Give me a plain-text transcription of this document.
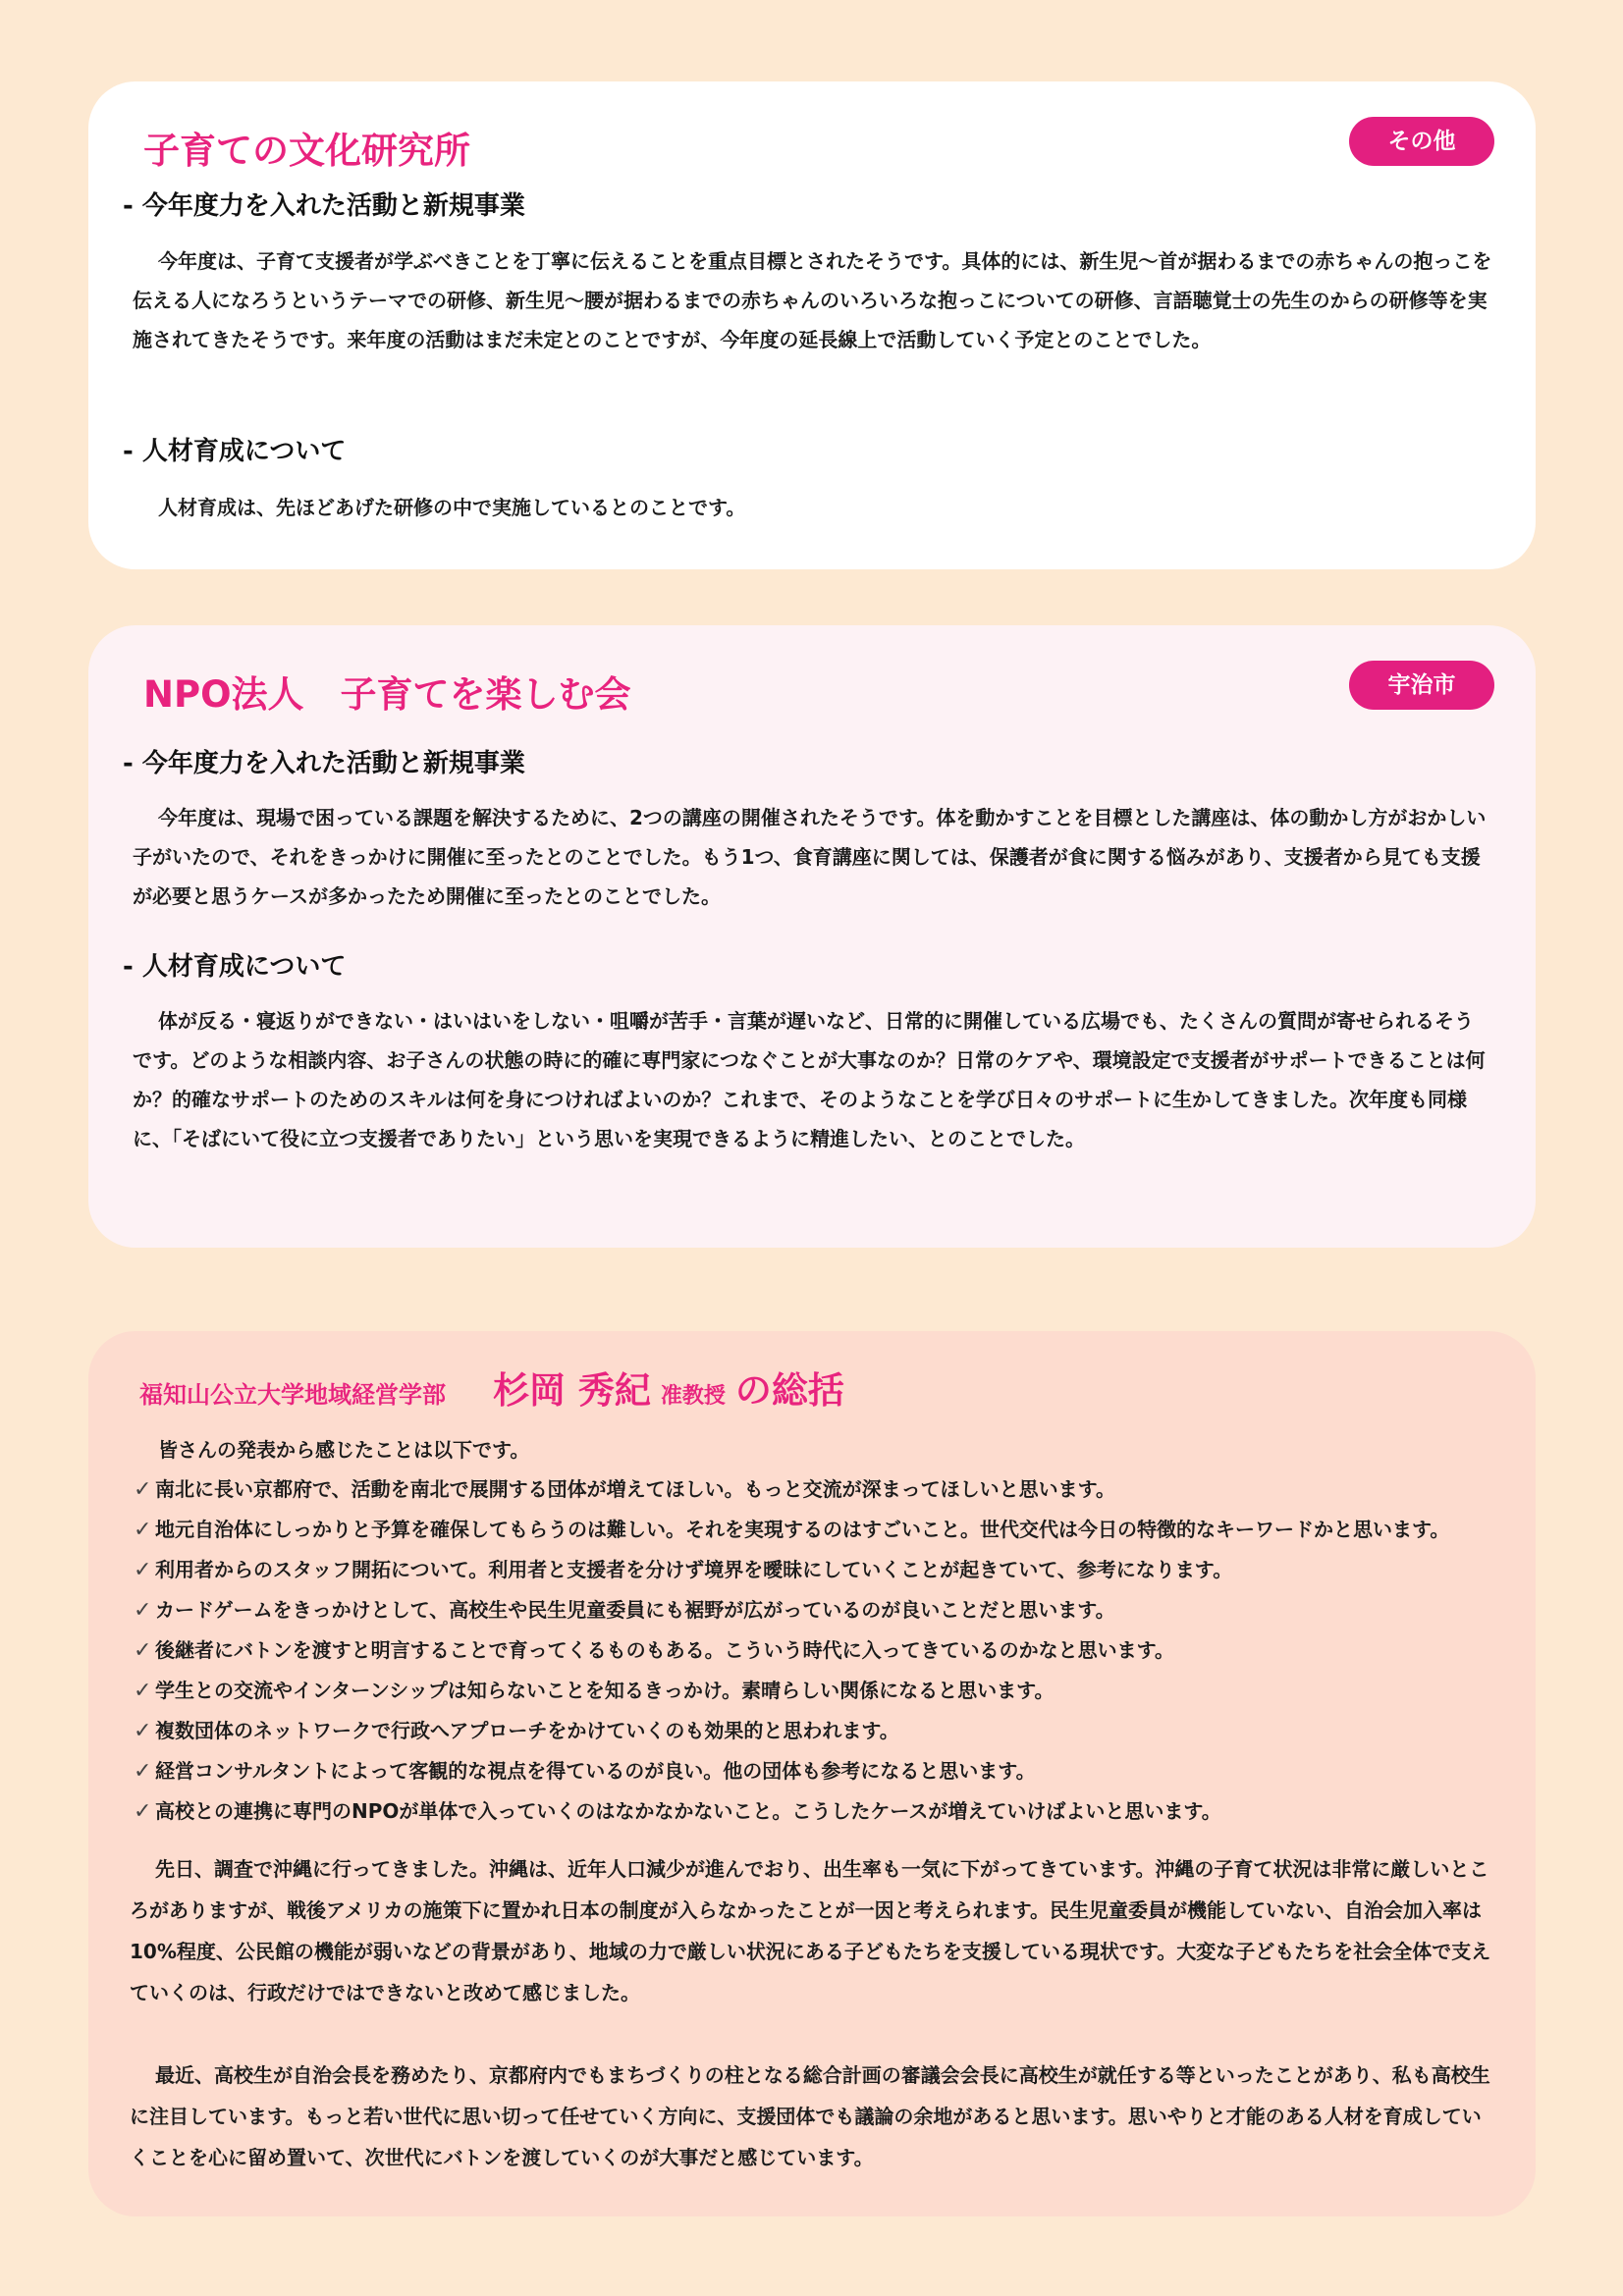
子育ての文化研究所	その他
- 今年度力を入れた活動と新規事業

今年度は、子育て支援者が学ぶべきことを丁寧に伝えることを重点目標とされたそうです。具体的には、新生児〜首が据わるまでの赤ちゃんの抱っこを伝える人になろうというテーマでの研修、新生児〜腰が据わるまでの赤ちゃんのいろいろな抱っこについての研修、言語聴覚士の先生のからの研修等を実施されてきたそうです。来年度の活動はまだ未定とのことですが、今年度の延長線上で活動していく予定とのことでした。

- 人材育成について

人材育成は、先ほどあげた研修の中で実施しているとのことです。

NPO法人　子育てを楽しむ会	宇治市
- 今年度力を入れた活動と新規事業

今年度は、現場で困っている課題を解決するために、2つの講座の開催されたそうです。体を動かすことを目標とした講座は、体の動かし方がおかしい子がいたので、それをきっかけに開催に至ったとのことでした。もう1つ、食育講座に関しては、保護者が食に関する悩みがあり、支援者から見ても支援が必要と思うケースが多かったため開催に至ったとのことでした。

- 人材育成について

体が反る・寝返りができない・はいはいをしない・咀嚼が苦手・言葉が遅いなど、日常的に開催している広場でも、たくさんの質問が寄せられるそうです。どのような相談内容、お子さんの状態の時に的確に専門家につなぐことが大事なのか？日常のケアや、環境設定で支援者がサポートできることは何か？的確なサポートのためのスキルは何を身につければよいのか？これまで、そのようなことを学び日々のサポートに生かしてきました。次年度も同様に、「そばにいて役に立つ支援者でありたい」という思いを実現できるように精進したい、とのことでした。

福知山公立大学地域経営学部 杉岡 秀紀 准教授 の総括

皆さんの発表から感じたことは以下です。

✓ 南北に長い京都府で、活動を南北で展開する団体が増えてほしい。もっと交流が深まってほしいと思います。
✓ 地元自治体にしっかりと予算を確保してもらうのは難しい。それを実現するのはすごいこと。世代交代は今日の特徴的なキーワードかと思います。
✓ 利用者からのスタッフ開拓について。利用者と支援者を分けず境界を曖昧にしていくことが起きていて、参考になります。
✓ カードゲームをきっかけとして、高校生や民生児童委員にも裾野が広がっているのが良いことだと思います。
✓ 後継者にバトンを渡すと明言することで育ってくるものもある。こういう時代に入ってきているのかなと思います。
✓ 学生との交流やインターンシップは知らないことを知るきっかけ。素晴らしい関係になると思います。
✓ 複数団体のネットワークで行政へアプローチをかけていくのも効果的と思われます。
✓ 経営コンサルタントによって客観的な視点を得ているのが良い。他の団体も参考になると思います。
✓ 高校との連携に専門のNPOが単体で入っていくのはなかなかないこと。こうしたケースが増えていけばよいと思います。

先日、調査で沖縄に行ってきました。沖縄は、近年人口減少が進んでおり、出生率も一気に下がってきています。沖縄の子育て状況は非常に厳しいところがありますが、戦後アメリカの施策下に置かれ日本の制度が入らなかったことが一因と考えられます。民生児童委員が機能していない、自治会加入率は10%程度、公民館の機能が弱いなどの背景があり、地域の力で厳しい状況にある子どもたちを支援している現状です。大変な子どもたちを社会全体で支えていくのは、行政だけではできないと改めて感じました。

最近、高校生が自治会長を務めたり、京都府内でもまちづくりの柱となる総合計画の審議会会長に高校生が就任する等といったことがあり、私も高校生に注目しています。もっと若い世代に思い切って任せていく方向に、支援団体でも議論の余地があると思います。思いやりと才能のある人材を育成していくことを心に留め置いて、次世代にバトンを渡していくのが大事だと感じています。
